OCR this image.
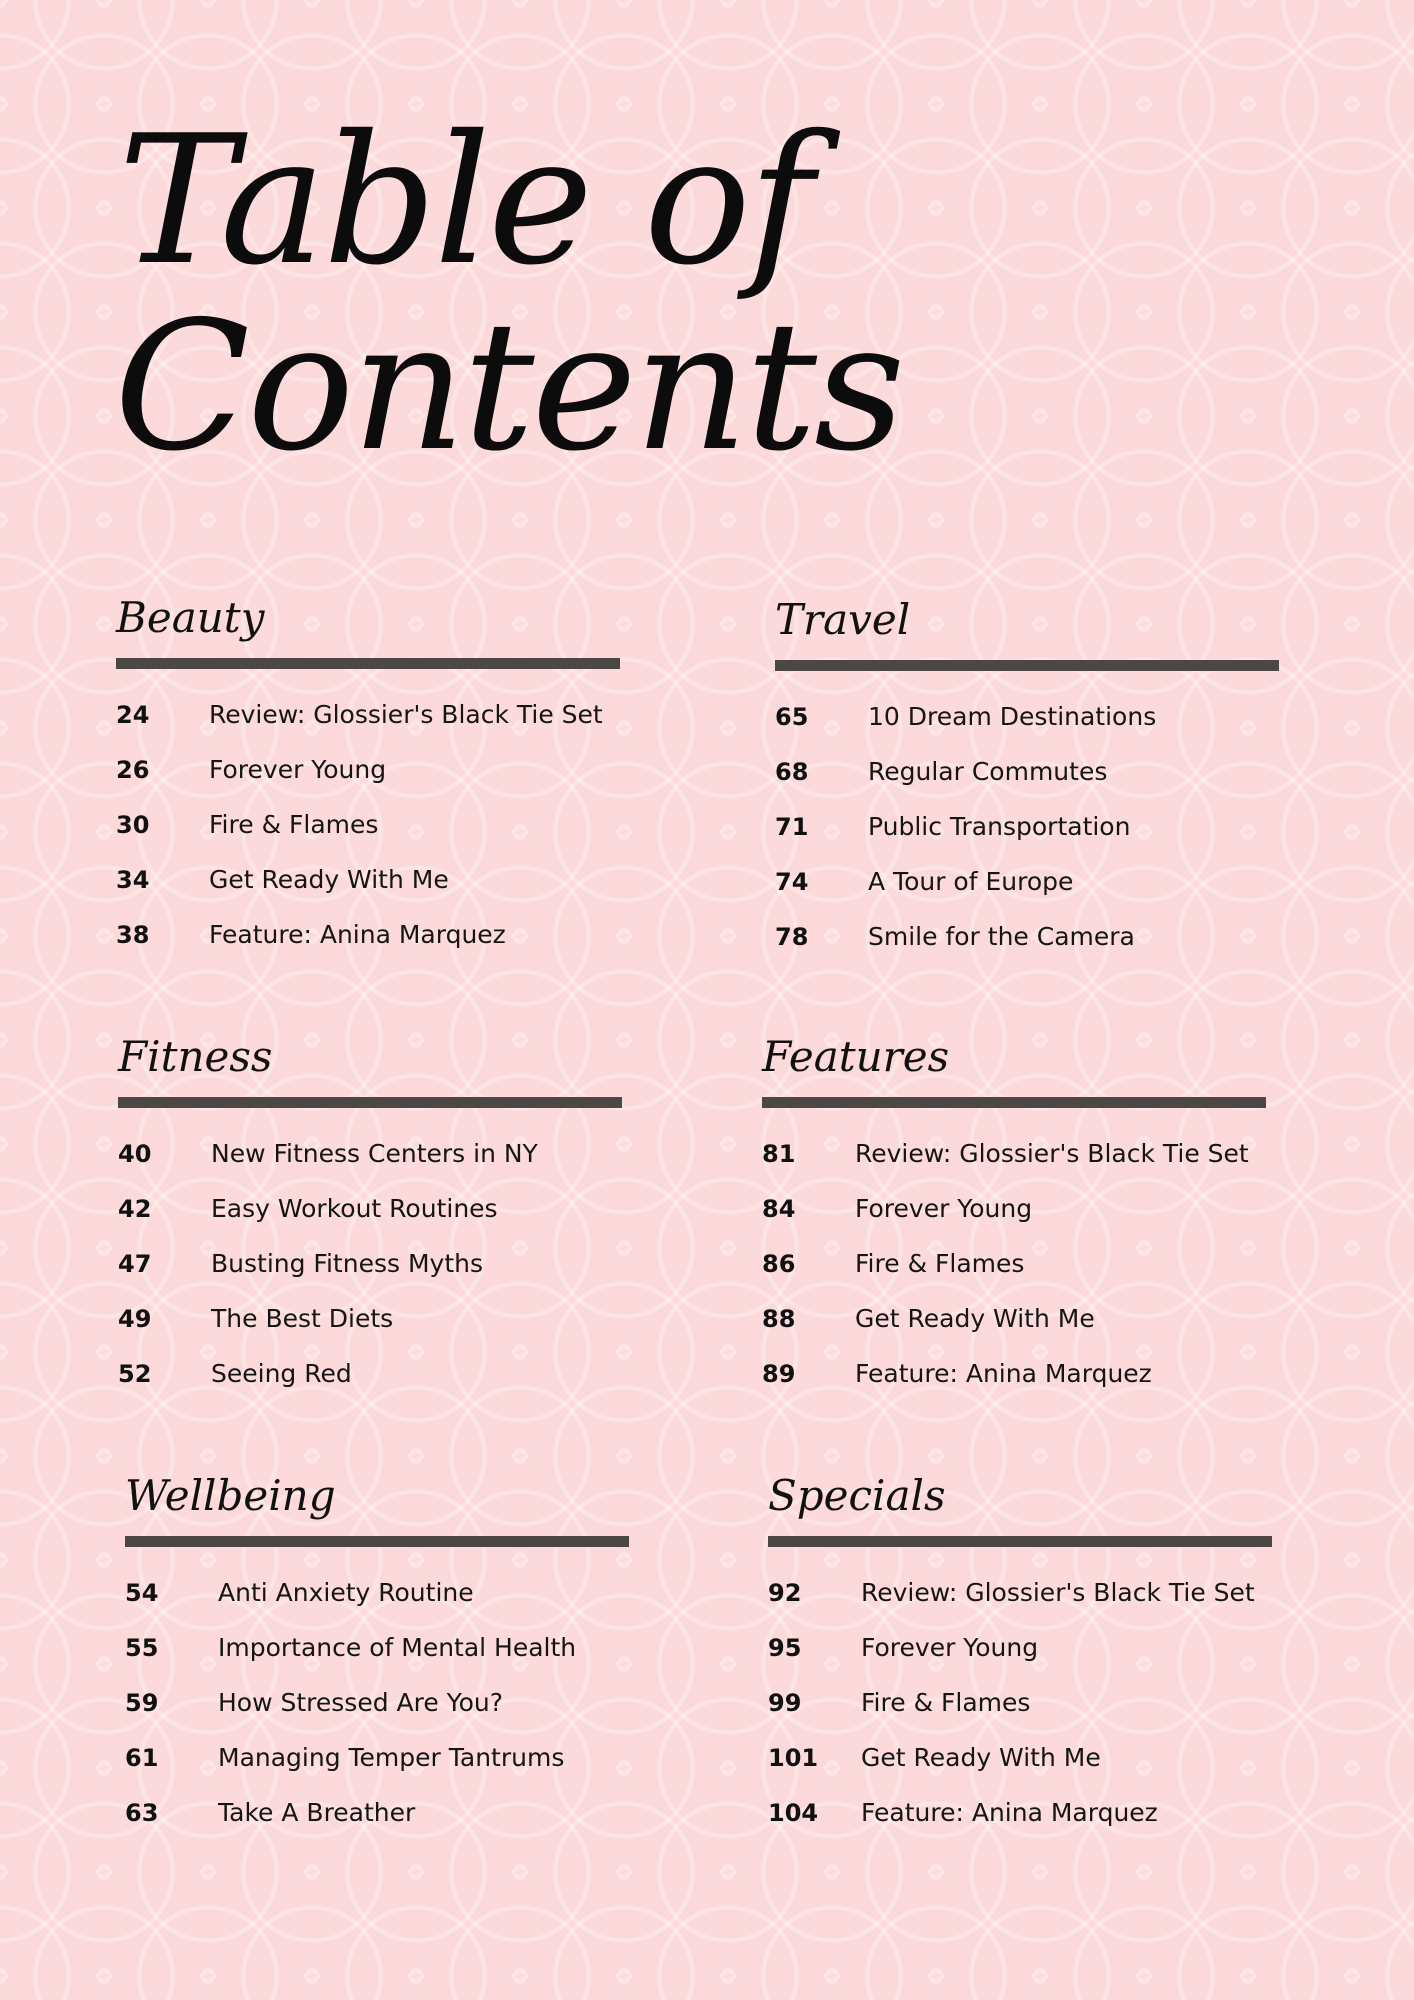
Table of
Contents
Beauty
24	Review: Glossier's Black Tie Set
26	Forever Young
30	Fire & Flames
34	Get Ready With Me
38	Feature: Anina Marquez
Travel
65	10 Dream Destinations
68	Regular Commutes
71	Public Transportation
74	A Tour of Europe
78	Smile for the Camera
Fitness
40	New Fitness Centers in NY
42	Easy Workout Routines
47	Busting Fitness Myths
49	The Best Diets
52	Seeing Red
Features
81	Review: Glossier's Black Tie Set
84	Forever Young
86	Fire & Flames
88	Get Ready With Me
89	Feature: Anina Marquez
Wellbeing
54	Anti Anxiety Routine
55	Importance of Mental Health
59	How Stressed Are You?
61	Managing Temper Tantrums
63	Take A Breather
Specials
92	Review: Glossier's Black Tie Set
95	Forever Young
99	Fire & Flames
101	Get Ready With Me
104	Feature: Anina Marquez
